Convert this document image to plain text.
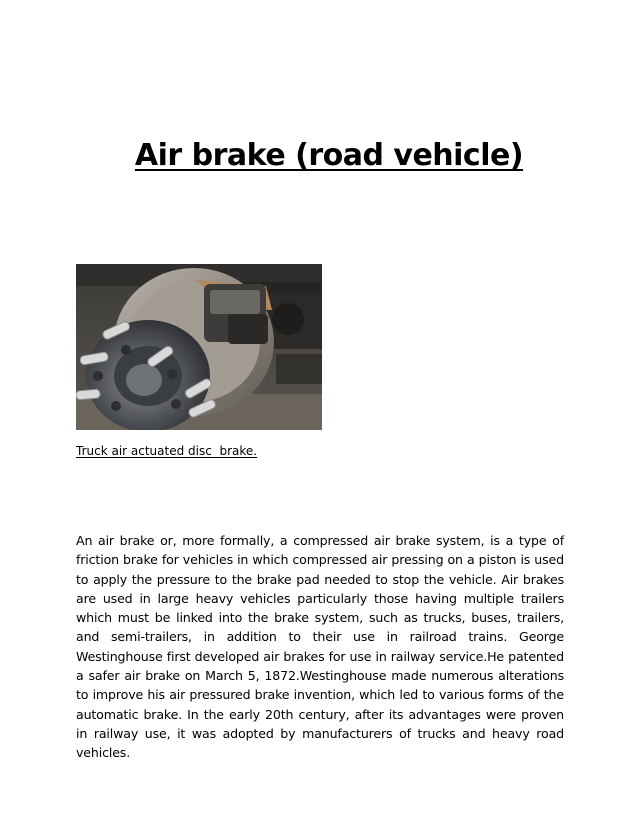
Air brake (road vehicle)

Truck air actuated disc  brake.

An air brake or, more formally, a compressed air brake system, is a type of friction brake for vehicles in which compressed air pressing on a piston is used to apply the pressure to the brake pad needed to stop the vehicle. Air brakes are used in large heavy vehicles particularly those having multiple trailers which must be linked into the brake system, such as trucks, buses, trailers, and semi-trailers, in addition to their use in railroad trains. George Westinghouse first developed air brakes for use in railway service.He patented a safer air brake on March 5, 1872.Westinghouse made numerous alterations to improve his air pressured brake invention, which led to various forms of the automatic brake. In the early 20th century, after its advantages were proven in railway use, it was adopted by manufacturers of trucks and heavy road vehicles.
